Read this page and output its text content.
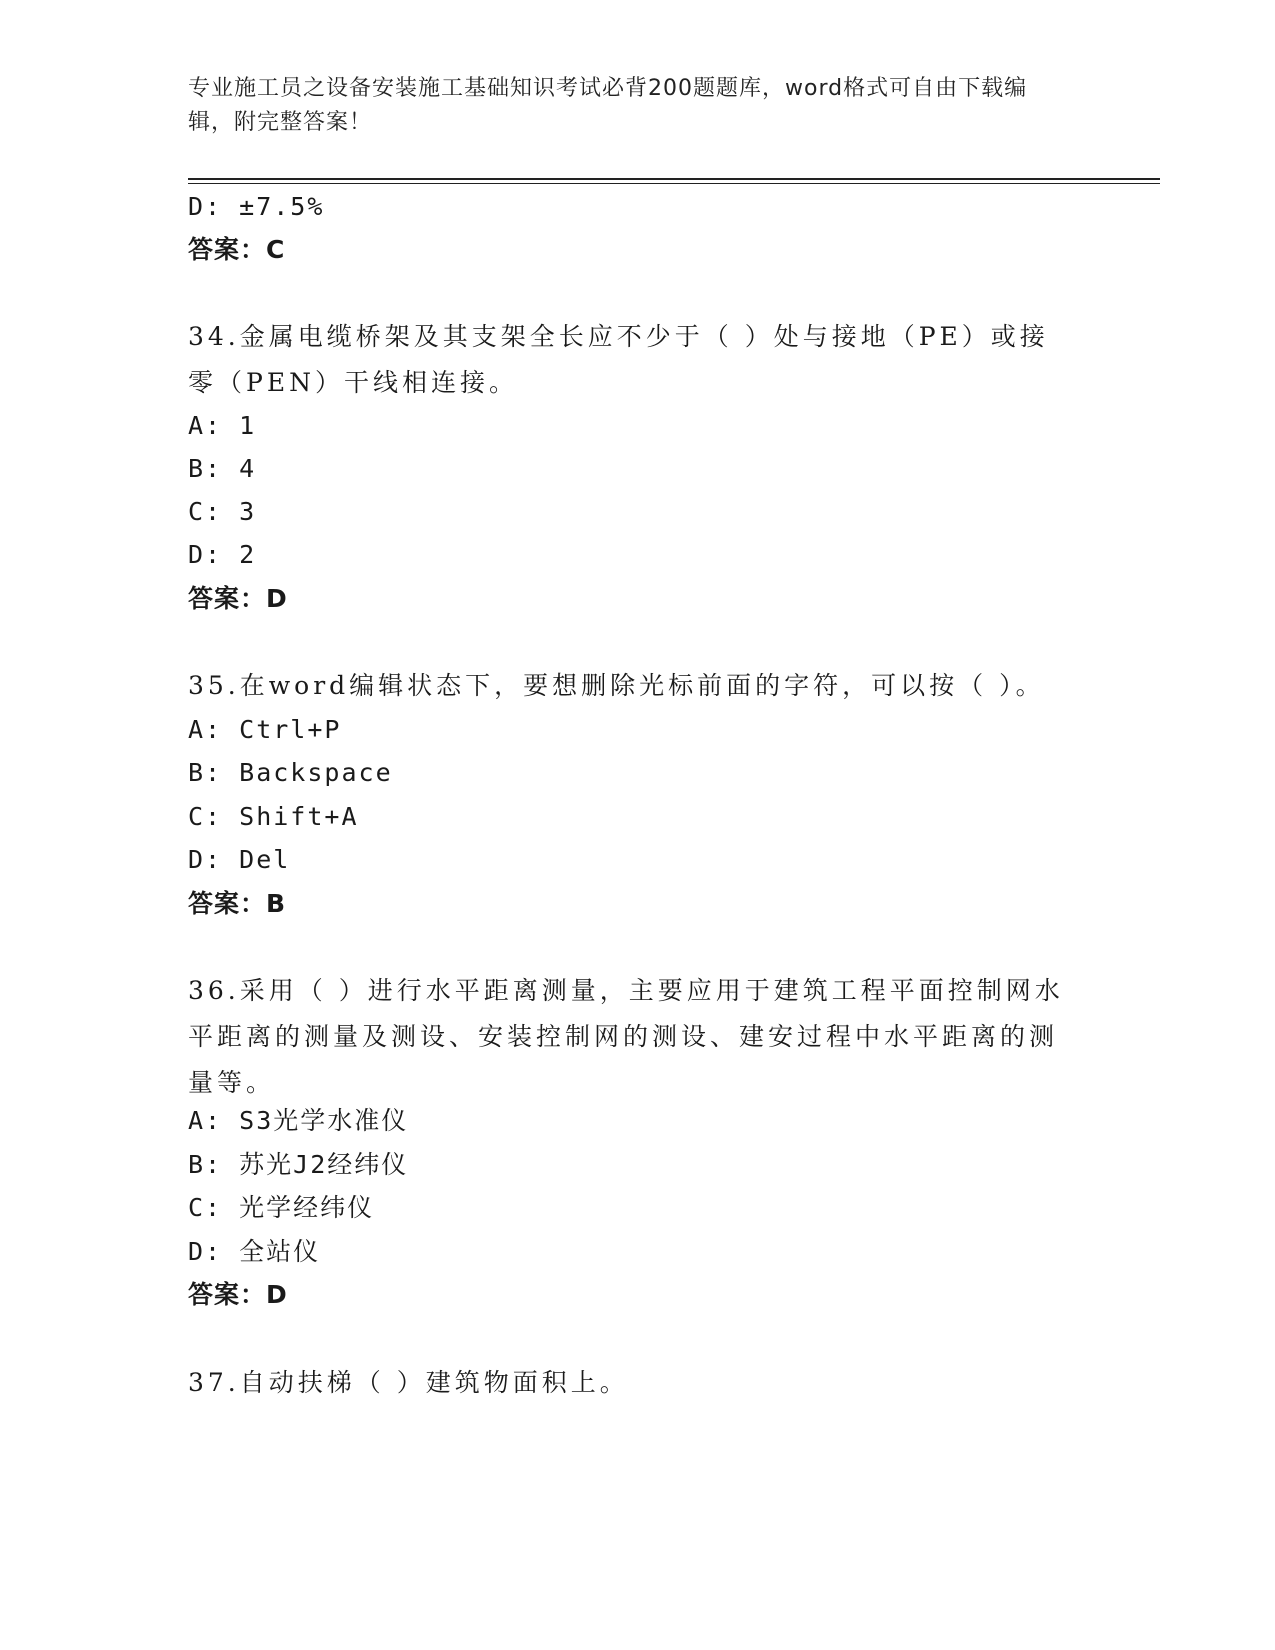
专业施工员之设备安装施工基础知识考试必背200题题库，word格式可自由下载编辑，附完整答案！
D: ±7.5%
答案：C
34.金属电缆桥架及其支架全长应不少于（ ）处与接地（PE）或接零（PEN）干线相连接。
A: 1
B: 4
C: 3
D: 2
答案：D
35.在word编辑状态下，要想删除光标前面的字符，可以按（ ）。
A: Ctrl+P
B: Backspace
C: Shift+A
D: Del
答案：B
36.采用（ ）进行水平距离测量，主要应用于建筑工程平面控制网水平距离的测量及测设、安装控制网的测设、建安过程中水平距离的测量等。
A: S3光学水准仪
B: 苏光J2经纬仪
C: 光学经纬仪
D: 全站仪
答案：D
37.自动扶梯（ ）建筑物面积上。
